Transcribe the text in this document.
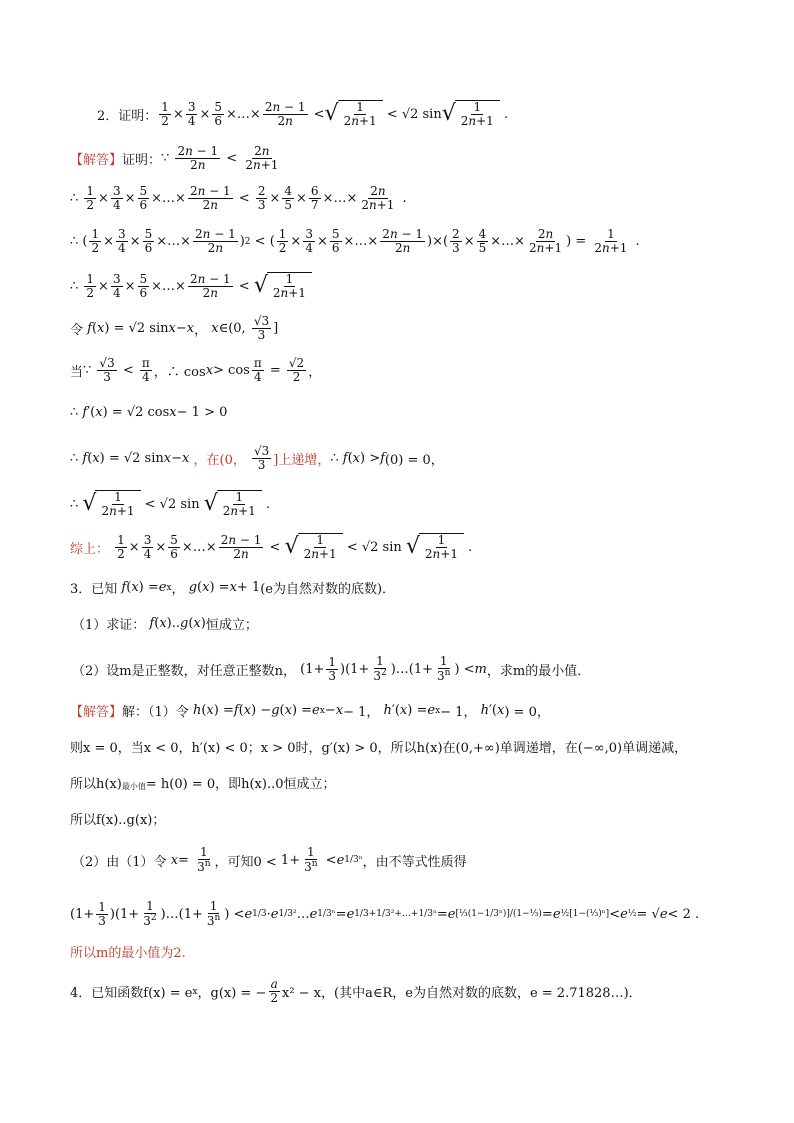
2．证明： $\frac{1}{2} \times \frac{3}{4} \times \frac{5}{6}$ ×…× $\frac{2n - 1}{2n}$ < √ $\frac{1}{2n+1} < √2$ sin √ $\frac{1}{2n+1}$ .
【解答】 证明： ∵ $\frac{2n - 1}{2n} < \frac{2n}{2n+1}$
∴ $\frac{1}{2} \times \frac{3}{4} \times \frac{5}{6}$ ×…× $\frac{2n - 1}{2n} < \frac{2}{3} \times \frac{4}{5} \times \frac{6}{7}$ ×…× $\frac{2n}{2n+1}$ .
∴ ( $\frac{1}{2} \times \frac{3}{4} \times \frac{5}{6}$ ×…× $\frac{2n - 1}{2n}$ ) 2 < ( $\frac{1}{2} \times \frac{3}{4} \times \frac{5}{6}$ ×…× $\frac{2n - 1}{2n}$ )×( $\frac{2}{3} \times \frac{4}{5}$ ×…× $\frac{2n}{2n+1}$ ) = $\frac{1}{2n+1}$ .
∴ $\frac{1}{2} \times \frac{3}{4} \times \frac{5}{6}$ ×…× $\frac{2n - 1}{2n}$ < √ $\frac{1}{2n+1}$
令
f ( x ) = √2 sin x − x ， x ∈(0, $\frac{√3}{3}$ ]
当 ∵ $\frac{√3}{3} < \frac{\pi}{4}$ ，∴ $\cos x > \cos \frac{\pi}{4} = \frac{√2}{2}$ ，
∴ f ′( x ) = √2 cos x − 1 > 0
∴ f ( x ) = √2 sin x − x
，在(0，
$\frac{√3}{3}$ ]上递增， ∴ f ( x ) > f (0) = 0，
∴ √ $\frac{1}{2n+1} < √2$ sin √ $\frac{1}{2n+1}$ .
综上：
$\frac{1}{2} \times \frac{3}{4} \times \frac{5}{6}$ ×…× $\frac{2n - 1}{2n}$ < √ $\frac{1}{2n+1} < √2$ sin √ $\frac{1}{2n+1}$ .
3．已知
f ( x ) = e x ，
g ( x ) = x + 1 (e为自然对数的底数)．
（1）求证：
f ( x ).. g ( x ) 恒成立；
（2）设m是正整数，对任意正整数n， $(1+ \frac{1}{3} )(1+ \frac{1}{3^2}$ )…(1+ $\frac{1}{3^n}$ ) < m ，求m的最小值．
【解答】 解：（1）令
h ( x ) = f ( x ) − g ( x ) = e x − x − 1， h ′( x ) = e x − 1， h ′( x ) = 0，
则x = 0，当x < 0，h′(x) < 0；x > 0时，g′(x) > 0，所以h(x)在(0,+∞)单调递增，在(−∞,0)单调递减，
所以h(x) 最小值 = h(0) = 0，即h(x)..0恒成立；
所以f(x)..g(x)；
（2）由（1）令
$x = \frac{1}{3^n}$ ，可知$0 < 1+ \frac{1}{3^n} < e$ 1/3ⁿ ，由不等式性质得
$(1+ \frac{1}{3} )(1+ \frac{1}{3^2}$ )…(1+ $\frac{1}{3^n}$ ) < e 1/3 · e 1/3² … e 1/3ⁿ = e 1/3+1/3²+…+1/3ⁿ = e [⅓(1−1/3ⁿ)]/(1−⅓) = e ½[1−(⅓)ⁿ] < e ½ = √ e < 2 .
所以m的最小值为2.
4．已知函数f(x) = e x ，g(x) = − $\frac{a}{2} x^2 - x$，(其中a∈R，e为自然对数的底数，e = 2.71828…)．
